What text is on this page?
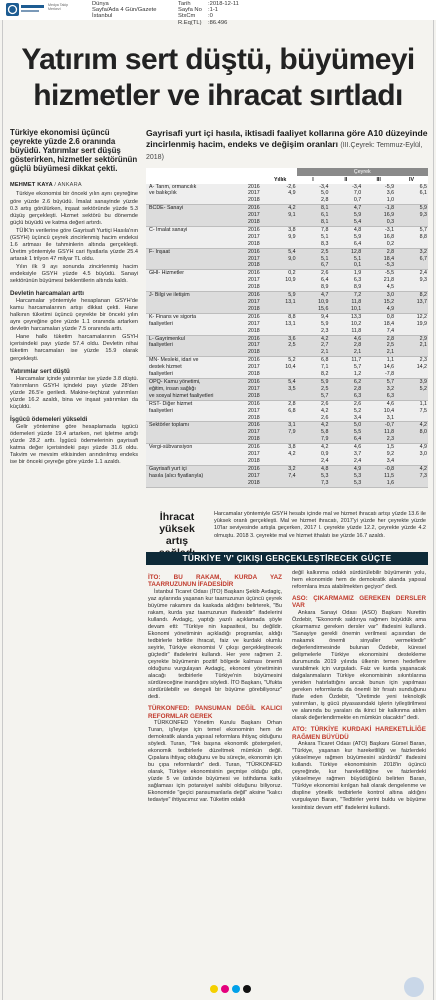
Medya Takip Merkezi
Dünya
Sayfa/Ada 4 Gün/Gazete
İstanbul
Tarih	:2018-12-11
Sayfa No	:1-1
StxCm	:0
R.Eq(TL)	:86.496
Yatırım sert düştü, büyümeyi
hizmetler ve ihracat sırtladı
Türkiye ekonomisi üçüncü çeyrekte yüzde 2.6 oranında büyüdü. Yatırımlar sert düşüş gösterirken, hizmetler sektörünün güçlü büyümesi dikkat çekti.
MEHMET KAYA / ANKARA

Türkiye ekonomisi bir önceki yılın aynı çeyreğine göre yüzde 2.6 büyüdü. İmalat sanayinde yüzde 0.3 artış görülürken, inşaat sektöründe yüzde 5.3 düşüş gerçekleşti. Hizmet sektörü bu dönemde güçlü büyüdü ve katma değeri artırdı.

TÜİK'in verilerine göre Gayrisafi Yurtiçi Hasıla'nın (GSYH) üçüncü çeyrek zincirlenmiş hacim endeksi 1.6 artması ile tahminlerin altında gerçekleşti. Üretim yöntemiyle GSYH cari fiyatlarla yüzde 25.4 artarak 1 trilyon 47 milyar TL oldu.

Yılın ilk 9 ayı sonunda zincirlenmiş hacim endeksiyle GSYH yüzde 4.5 büyüdü. Sanayi sektörünün büyümesi beklentilerin altında kaldı.

Devletin harcamaları arttı

Harcamalar yöntemiyle hesaplanan GSYH'de kamu harcamalarının artışı dikkat çekti. Hane halkının tüketimi üçüncü çeyrekte bir önceki yılın aynı çeyreğine göre yüzde 1.1 oranında artarken devletin harcamaları yüzde 7.5 oranında arttı.

Hane halkı tüketim harcamalarının GSYH içerisindeki payı yüzde 57.4 oldu. Devletin nihai tüketim harcamaları ise yüzde 15.9 olarak gerçekleşti.

Yatırımlar sert düştü

Harcamalar içinde yatırımlar ise yüzde 3.8 düştü. Yatırımların GSYH içindeki payı yüzde 28'den yüzde 26.5'e geriledi. Makine-teçhizat yatırımları yüzde 16.2 azaldı, bina ve inşaat yatırımları da küçüldü.

İşgücü ödemeleri yükseldi

Gelir yöntemine göre hesaplamada işgücü ödemeleri yüzde 19.4 artarken, net işletme artığı yüzde 28.2 arttı. İşgücü ödemelerinin gayrisafi katma değer içerisindeki payı yüzde 31.6 oldu. Takvim ve mevsim etkisinden arındırılmış endeks ise bir önceki çeyreğe göre yüzde 1.1 azaldı.

Gayrisafi yurt içi hasıla, iktisadi faaliyet kollarına göre A10 düzeyinde zincirlenmiş hacim, endeks ve değişim oranları (III.Çeyrek: Temmuz-Eylül, 2018)
			Çeyrek			
		Yıllık	I	II	III	IV
A- Tarım, ormancılık	2016	-2,6	-3,4	-3,4	-5,9	6,5
ve balıkçılık	2017	4,9	5,0	7,0	3,6	6,1
	2018		2,8	0,7	1,0	
BCDE- Sanayi	2016	4,2	8,1	4,7	-1,8	5,9
	2017	9,1	6,1	5,9	16,9	9,3
	2018		8,1	5,4	0,3	
C- İmalat sanayi	2016	3,8	7,8	4,8	-3,1	5,7
	2017	9,9	5,1	5,9	16,8	8,8
	2018		8,3	6,4	0,2	
F- İnşaat	2016	5,4	2,5	12,8	2,8	3,2
	2017	9,0	5,1	5,1	18,4	6,7
	2018		6,7	0,1	-5,3	
GHI- Hizmetler	2016	0,2	2,6	1,9	-5,5	2,4
	2017	10,9	6,4	6,3	21,8	9,3
	2018		8,9	8,9	4,5	
J- Bilgi ve iletişim	2016	5,9	4,7	7,2	3,0	8,2
	2017	13,1	10,9	11,8	15,2	13,7
	2018		15,6	10,1	4,9	
K- Finans ve sigorta	2016	8,8	9,4	13,3	0,8	12,2
faaliyetleri	2017	13,1	5,9	10,2	18,4	19,9
	2018		2,3	11,8	7,4	
L- Gayrimenkul	2016	3,6	4,2	4,6	2,8	2,9
faaliyetleri	2017	2,5	2,7	2,8	2,5	2,1
	2018		2,1	2,1	2,1	
MN- Mesleki, idari ve	2016	5,2	6,8	11,7	1,1	2,3
destek hizmet	2017	10,4	7,1	5,7	14,6	14,2
faaliyetleri	2018		8,2	1,2	-7,8	
OPQ- Kamu yönetimi,	2016	5,4	5,9	6,2	5,7	3,9
eğitim, insan sağlığı	2017	3,5	2,5	2,8	3,2	5,2
ve sosyal hizmet faaliyetleri	2018		5,7	6,3	6,3	
RST- Diğer hizmet	2016	2,8	2,6	2,6	4,6	1,1
faaliyetleri	2017	6,8	4,2	5,2	10,4	7,5
	2018		2,6	3,4	3,1	
Sektörler toplamı	2016	3,1	4,2	5,0	-0,7	4,2
	2017	7,9	5,8	5,5	11,8	8,0
	2018		7,9	6,4	2,3	
Vergi-sübvansiyon	2016	3,8	4,2	4,6	1,5	4,9
	2017	4,2	0,9	3,7	9,2	3,0
	2018		2,4	2,4	3,4	
Gayrisafi yurt içi	2016	3,2	4,8	4,9	-0,8	4,2
hasıla (alıcı fiyatlarıyla)	2017	7,4	5,3	5,3	11,5	7,3
	2018		7,3	5,3	1,6	
İhracat
yüksek
artış
Harcamalar yöntemiyle GSYH hesabı içinde mal ve hizmet ihracatı artışı yüzde 13.6 ile yüksek oranlı gerçekleşti. Mal ve hizmet ihracatı, 2017'yi yüzde her çeyrekte yüzde 10'lar seviyesinde artışla geçerken, 2017 I. çeyrekte yüzde 12.2, çeyrekte yüzde 4.2 olmuştu. 2018 3. çeyrekte mal ve hizmet ithalatı ise yüzde 16.7 azaldı.
TÜRKİYE 'V' ÇIKIŞI GERÇEKLEŞTİRECEK GÜÇTE
İTO: BU RAKAM, KURDA YAZ TAARRUZUNUN İFADESİDİR

İstanbul Ticaret Odası (İTO) Başkanı Şekib Avdagiç, yaz aylarında yaşanan kur taarruzunun üçüncü çeyrek büyüme rakamını da kaskada aldığını belirterek, "Bu rakam, kurda yaz taarruzunun ifadesidir" ifadelerini kullandı. Avdagiç, yaptığı yazılı açıklamada şöyle devam etti: "Türkiye nin kapasitesi, bu değildir. Ekonomi yönetiminin açıkladığı programlar, aldığı tedbirlerle birlikte ihracat, faiz ve kurdaki olumlu seyirle, Türkiye ekonomisi V çıkışı gerçekleştirecek güçtedir" ifadelerini kullandı. Her yere rağmen 2. çeyrekte büyümenin pozitif bölgede kalması önemli olduğunu vurgulayan Avdagiç, ekonomi yönetiminin alacağı tedbirlerle Türkiye'nin büyümesini sürdüreceğine inandığını söyledi. İTO Başkanı, "Ufukta sürdürülebilir ve dengeli bir büyüme görebiliyoruz" dedi.

TÜRKONFED: PANSUMAN DEĞİL KALICI REFORMLAR GEREK

TÜRKONFED Yönetim Kurulu Başkanı Orhan Turan, iş'leyişe için temel ekonominin hem de demokratik alanda yapısal reformlara ihtiyaç olduğunu söyledi. Turan, "Tek başına ekonomik göstergeleri, ekonomik tedbirlerle düzeltmek mümkün değil. Çıpalara ihtiyaç olduğunu ve bu süreçte, ekonomin için bu çıpa reformlardır" dedi. Turan, "TÜRKONFED olarak, Türkiye ekonomisinin geçmişe olduğu gibi, yüzde 5 ve üstünde büyümesi ve istihdama katkı sağlaması için potansiyel sahibi olduğunu biliyoruz. Ekonomide "geçici pansumanlarla değil" aksine "kalıcı tedaviye" ihtiyacımız var. Tüketim odaklı

değil kalkınma odaklı sürdürülebilir büyümenin yolu, hem ekonomide hem de demokratik alanda yapısal reformlara imza atabilmekten geçiyor" dedi.

ASO: ÇIKARMAMIZ GEREKEN DERSLER VAR

Ankara Sanayi Odası (ASO) Başkanı Nurettin Özdebir, "Ekonomik saldırıya rağmen büyüdük ama çıkarmamız gereken dersler var" ifadesini kullandı. "Sanayiye gerekli önemin verilmesi açısından de makamık önemli sinyaller vermektedir" değerlendirmesinde bulunan Özdebir, küresel gelişmelerle Türkiye ekonomisini destekleme durumunda 2019 yılında ülkenin temen hedeflere varabilmek için vurguladı. Faiz ve kurda yaşanacak dalgalanmaların Türkiye ekonomisinin sıkıntılarına yeniden hatırlattığını ancak bunun için yapılması gereken reformlarda da önemli bir fırsatı sunduğunu ifade eden Özdebir, "Üretimde yeni teknolojik yatırımları, iş gücü piyasasındaki işlerin iyileştirilmesi ve alanında bu yaraları da ikinci bir kalkınma atılım olarak değerlendirmekte en mümkün olacaktır" dedi.

ATO: TÜRKİYE KURDAKİ HAREKETLİLİĞE RAĞMEN BÜYÜDÜ

Ankara Ticaret Odası (ATO) Başkanı Gürsel Baran, "Türkiye, yaşanan kur hareketliliği ve faizlerdeki yükselmeye rağmen büyümesini sürdürdü" ifadesini kullandı. Türkiye ekonomisinin 2018'in üçüncü çeyreğinde, kur hareketliliğine ve faizlerdeki yükselmeye rağmen büyüdüğünü belirten Baran, "Türkiye ekonomisi kırılgan hali olarak dengelenme ve displine yönelik tedbirlerle kontrol altına aldığını vurgulayan Baran, "Tedbirler yerini buldu ve büyüme kesintisiz devam etti" ifadelerini kullandı.
